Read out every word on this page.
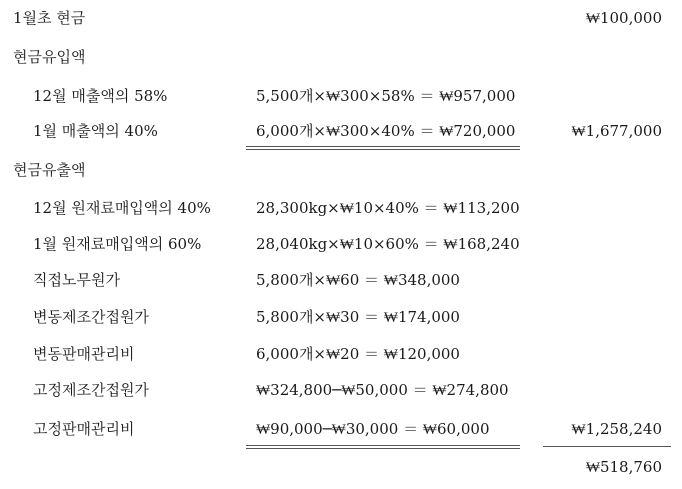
1월초 현금	₩100,000
현금유입액
12월 매출액의 58%	5,500개×₩300×58% ＝ ₩957,000
1월 매출액의 40%	6,000개×₩300×40% ＝ ₩720,000	₩1,677,000
현금유출액
12월 원재료매입액의 40%	28,300kg×₩10×40% ＝ ₩113,200
1월 원재료매입액의 60%	28,040kg×₩10×60% ＝ ₩168,240
직접노무원가	5,800개×₩60 ＝ ₩348,000
변동제조간접원가	5,800개×₩30 ＝ ₩174,000
변동판매관리비	6,000개×₩20 ＝ ₩120,000
고정제조간접원가	₩324,800─₩50,000 ＝ ₩274,800
고정판매관리비	₩90,000─₩30,000 ＝ ₩60,000	₩1,258,240
₩518,760
